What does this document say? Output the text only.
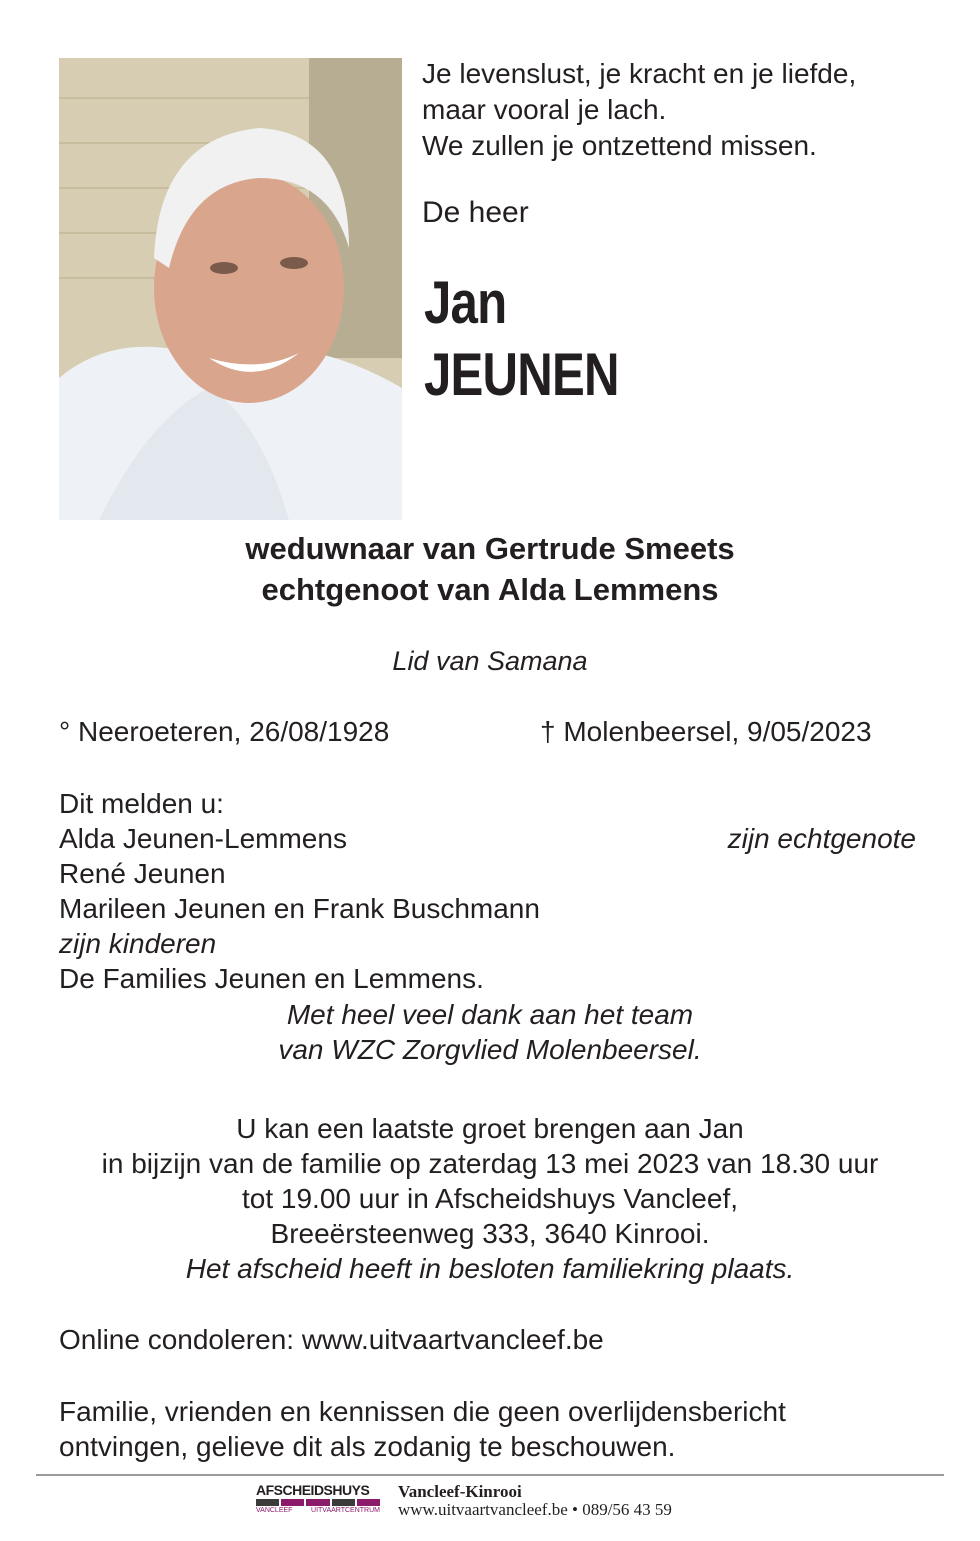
Je levenslust, je kracht en je liefde,
maar vooral je lach.
We zullen je ontzettend missen.
De heer
Jan
JEUNEN
weduwnaar van Gertrude Smeets
echtgenoot van Alda Lemmens
Lid van Samana
° Neeroeteren, 26/08/1928	† Molenbeersel, 9/05/2023
Dit melden u:
Alda Jeunen-Lemmens	zijn echtgenote
René Jeunen
Marileen Jeunen en Frank Buschmann
zijn kinderen
De Families Jeunen en Lemmens.
Met heel veel dank aan het team
van WZC Zorgvlied Molenbeersel.
U kan een laatste groet brengen aan Jan
in bijzijn van de familie op zaterdag 13 mei 2023 van 18.30 uur
tot 19.00 uur in Afscheidshuys Vancleef,
Breeërsteenweg 333, 3640 Kinrooi.
Het afscheid heeft in besloten familiekring plaats.
Online condoleren: www.uitvaartvancleef.be
Familie, vrienden en kennissen die geen overlijdensbericht
ontvingen, gelieve dit als zodanig te beschouwen.
AFSCHEIDSHUYS
VANCLEEF	UITVAARTCENTRUM
Vancleef-Kinrooi
www.uitvaartvancleef.be • 089/56 43 59
